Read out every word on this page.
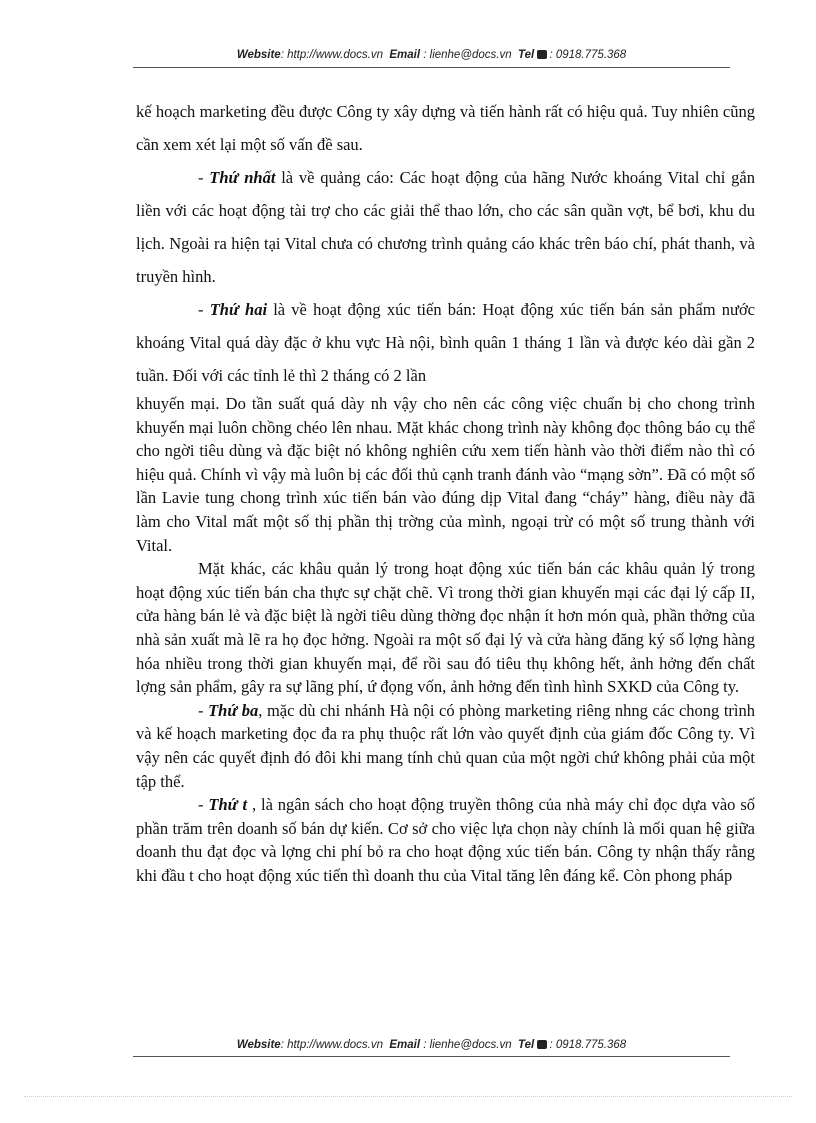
Website: http://www.docs.vn Email : lienhe@docs.vn Tel : 0918.775.368

kế hoạch marketing đều được Công ty xây dựng và tiến hành rất có hiệu quả. Tuy nhiên cũng cần xem xét lại một số vấn đề sau.

- Thứ nhất là về quảng cáo: Các hoạt động của hãng Nước khoáng Vital chỉ gắn liền với các hoạt động tài trợ cho các giải thể thao lớn, cho các sân quần vợt, bể bơi, khu du lịch. Ngoài ra hiện tại Vital chưa có chương trình quảng cáo khác trên báo chí, phát thanh, và truyền hình.

- Thứ hai là về hoạt động xúc tiến bán: Hoạt động xúc tiến bán sản phẩm nước khoáng Vital quá dày đặc ở khu vực Hà nội, bình quân 1 tháng 1 lần và được kéo dài gần 2 tuần. Đối với các tỉnh lẻ thì 2 tháng có 2 lần

khuyến mại. Do tần suất quá dày nh vậy cho nên các công việc chuẩn bị cho chong trình khuyến mại luôn chồng chéo lên nhau. Mặt khác chong trình này không đọc thông báo cụ thể cho ngời tiêu dùng và đặc biệt nó không nghiên cứu xem tiến hành vào thời điểm nào thì có hiệu quả. Chính vì vậy mà luôn bị các đối thủ cạnh tranh đánh vào “mạng sờn”. Đã có một số lần Lavie tung chong trình xúc tiến bán vào đúng dịp Vital đang “cháy” hàng, điều này đã làm cho Vital mất một số thị phần thị trờng của mình, ngoại trừ có một số trung thành với Vital.

Mặt khác, các khâu quản lý trong hoạt động xúc tiến bán các khâu quản lý trong hoạt động xúc tiến bán cha thực sự chặt chẽ. Vì trong thời gian khuyến mại các đại lý cấp II, cửa hàng bán lẻ và đặc biệt là ngời tiêu dùng thờng đọc nhận ít hơn món quà, phần thởng của nhà sản xuất mà lẽ ra họ đọc hởng. Ngoài ra một số đại lý và cửa hàng đăng ký số lợng hàng hóa nhiều trong thời gian khuyến mại, để rồi sau đó tiêu thụ không hết, ảnh hởng đến chất lợng sản phẩm, gây ra sự lãng phí, ứ đọng vốn, ảnh hởng đến tình hình SXKD của Công ty.

- Thứ ba, mặc dù chi nhánh Hà nội có phòng marketing riêng nhng các chong trình và kế hoạch marketing đọc đa ra phụ thuộc rất lớn vào quyết định của giám đốc Công ty. Vì vậy nên các quyết định đó đôi khi mang tính chủ quan của một ngời chứ không phải của một tập thể.

- Thứ t , là ngân sách cho hoạt động truyền thông của nhà máy chỉ đọc dựa vào số phần trăm trên doanh số bán dự kiến. Cơ sở cho việc lựa chọn này chính là mối quan hệ giữa doanh thu đạt đọc và lợng chi phí bỏ ra cho hoạt động xúc tiến bán. Công ty nhận thấy rằng khi đầu t cho hoạt động xúc tiến thì doanh thu của Vital tăng lên đáng kể. Còn phong pháp

Website: http://www.docs.vn Email : lienhe@docs.vn Tel : 0918.775.368
